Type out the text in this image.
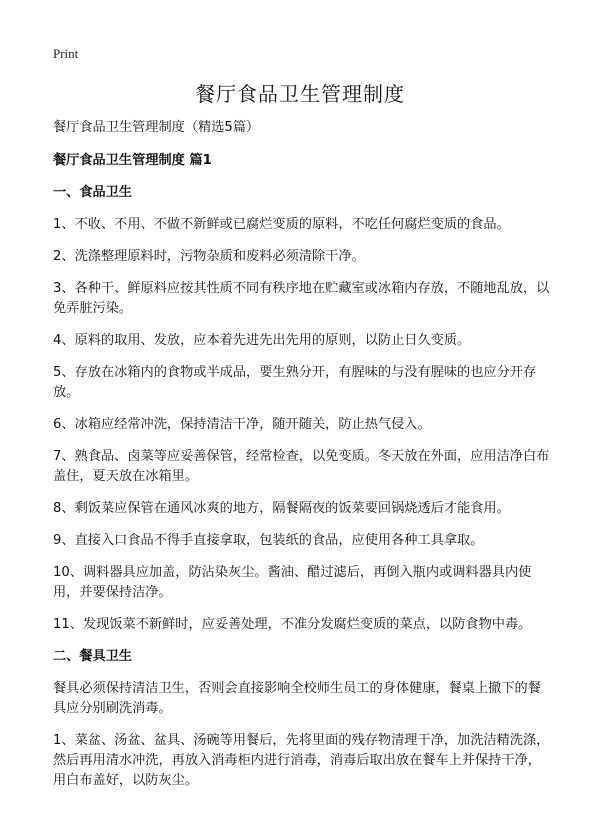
Print
餐厅食品卫生管理制度

餐厅食品卫生管理制度（精选5篇）

餐厅食品卫生管理制度 篇1

一、食品卫生

1、不收、不用、不做不新鲜或已腐烂变质的原料，不吃任何腐烂变质的食品。

2、洗涤整理原料时，污物杂质和废料必须清除干净。

3、各种干、鲜原料应按其性质不同有秩序地在贮藏室或冰箱内存放，不随地乱放，以免弄脏污染。

4、原料的取用、发放，应本着先进先出先用的原则，以防止日久变质。

5、存放在冰箱内的食物或半成品，要生熟分开，有腥味的与没有腥味的也应分开存放。

6、冰箱应经常冲洗，保持清洁干净，随开随关，防止热气侵入。

7、熟食品、卤菜等应妥善保管，经常检查，以免变质。冬天放在外面，应用洁净白布盖住，夏天放在冰箱里。

8、剩饭菜应保管在通风冰爽的地方，隔餐隔夜的饭菜要回锅烧透后才能食用。

9、直接入口食品不得手直接拿取，包装纸的食品，应使用各种工具拿取。

10、调料器具应加盖，防沾染灰尘。酱油、醋过滤后，再倒入瓶内或调料器具内使用，并要保持洁净。

11、发现饭菜不新鲜时，应妥善处理，不准分发腐烂变质的菜点，以防食物中毒。

二、餐具卫生

餐具必须保持清洁卫生，否则会直接影响全校师生员工的身体健康，餐桌上撤下的餐具应分别刷洗消毒。

1、菜盆、汤盆、盆具、汤碗等用餐后，先将里面的残存物清理干净，加洗洁精洗涤，然后再用清水冲洗，再放入消毒柜内进行消毒，消毒后取出放在餐车上并保持干净，用白布盖好，以防灰尘。
